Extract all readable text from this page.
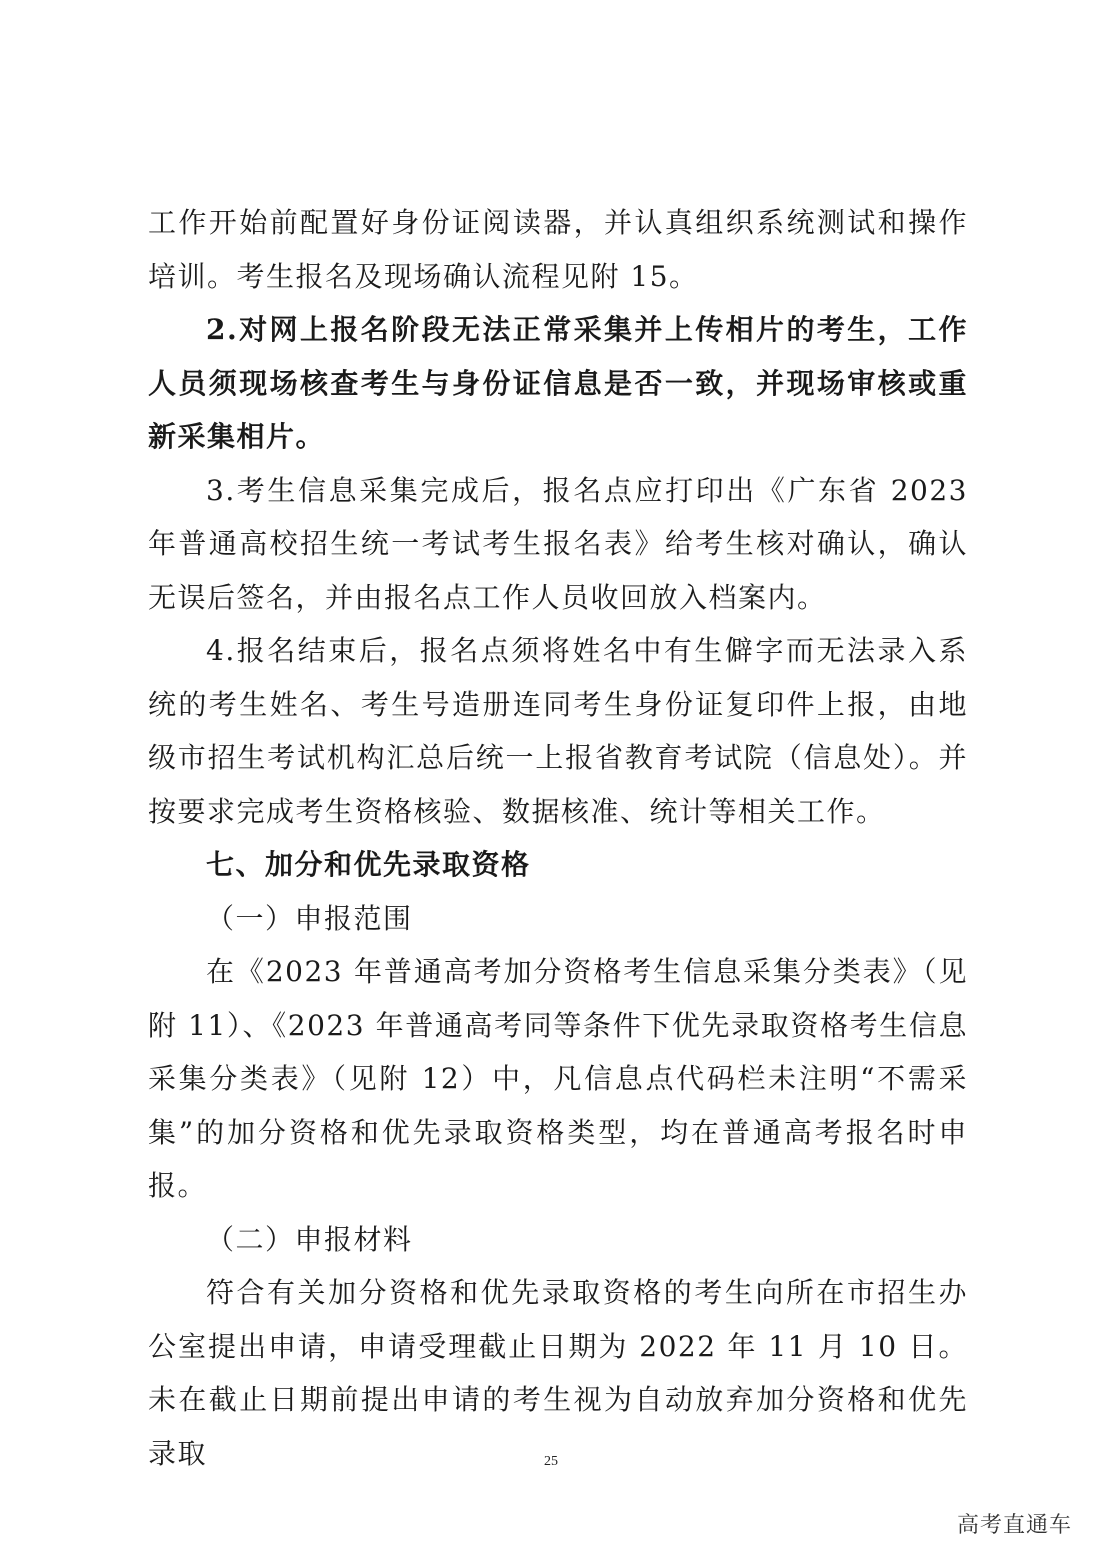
工作开始前配置好身份证阅读器，并认真组织系统测试和操作培训。考生报名及现场确认流程见附 15。

2.对网上报名阶段无法正常采集并上传相片的考生，工作人员须现场核查考生与身份证信息是否一致，并现场审核或重新采集相片。

3.考生信息采集完成后，报名点应打印出《广东省 2023 年普通高校招生统一考试考生报名表》给考生核对确认，确认无误后签名，并由报名点工作人员收回放入档案内。

4.报名结束后，报名点须将姓名中有生僻字而无法录入系统的考生姓名、考生号造册连同考生身份证复印件上报，由地级市招生考试机构汇总后统一上报省教育考试院（信息处）。并按要求完成考生资格核验、数据核准、统计等相关工作。

七、加分和优先录取资格

（一）申报范围

在《2023 年普通高考加分资格考生信息采集分类表》（见附 11）、《2023 年普通高考同等条件下优先录取资格考生信息采集分类表》（见附 12）中，凡信息点代码栏未注明“不需采集”的加分资格和优先录取资格类型，均在普通高考报名时申报。

（二）申报材料

符合有关加分资格和优先录取资格的考生向所在市招生办公室提出申请，申请受理截止日期为 2022 年 11 月 10 日。未在截止日期前提出申请的考生视为自动放弃加分资格和优先录取	25
高考直通车
